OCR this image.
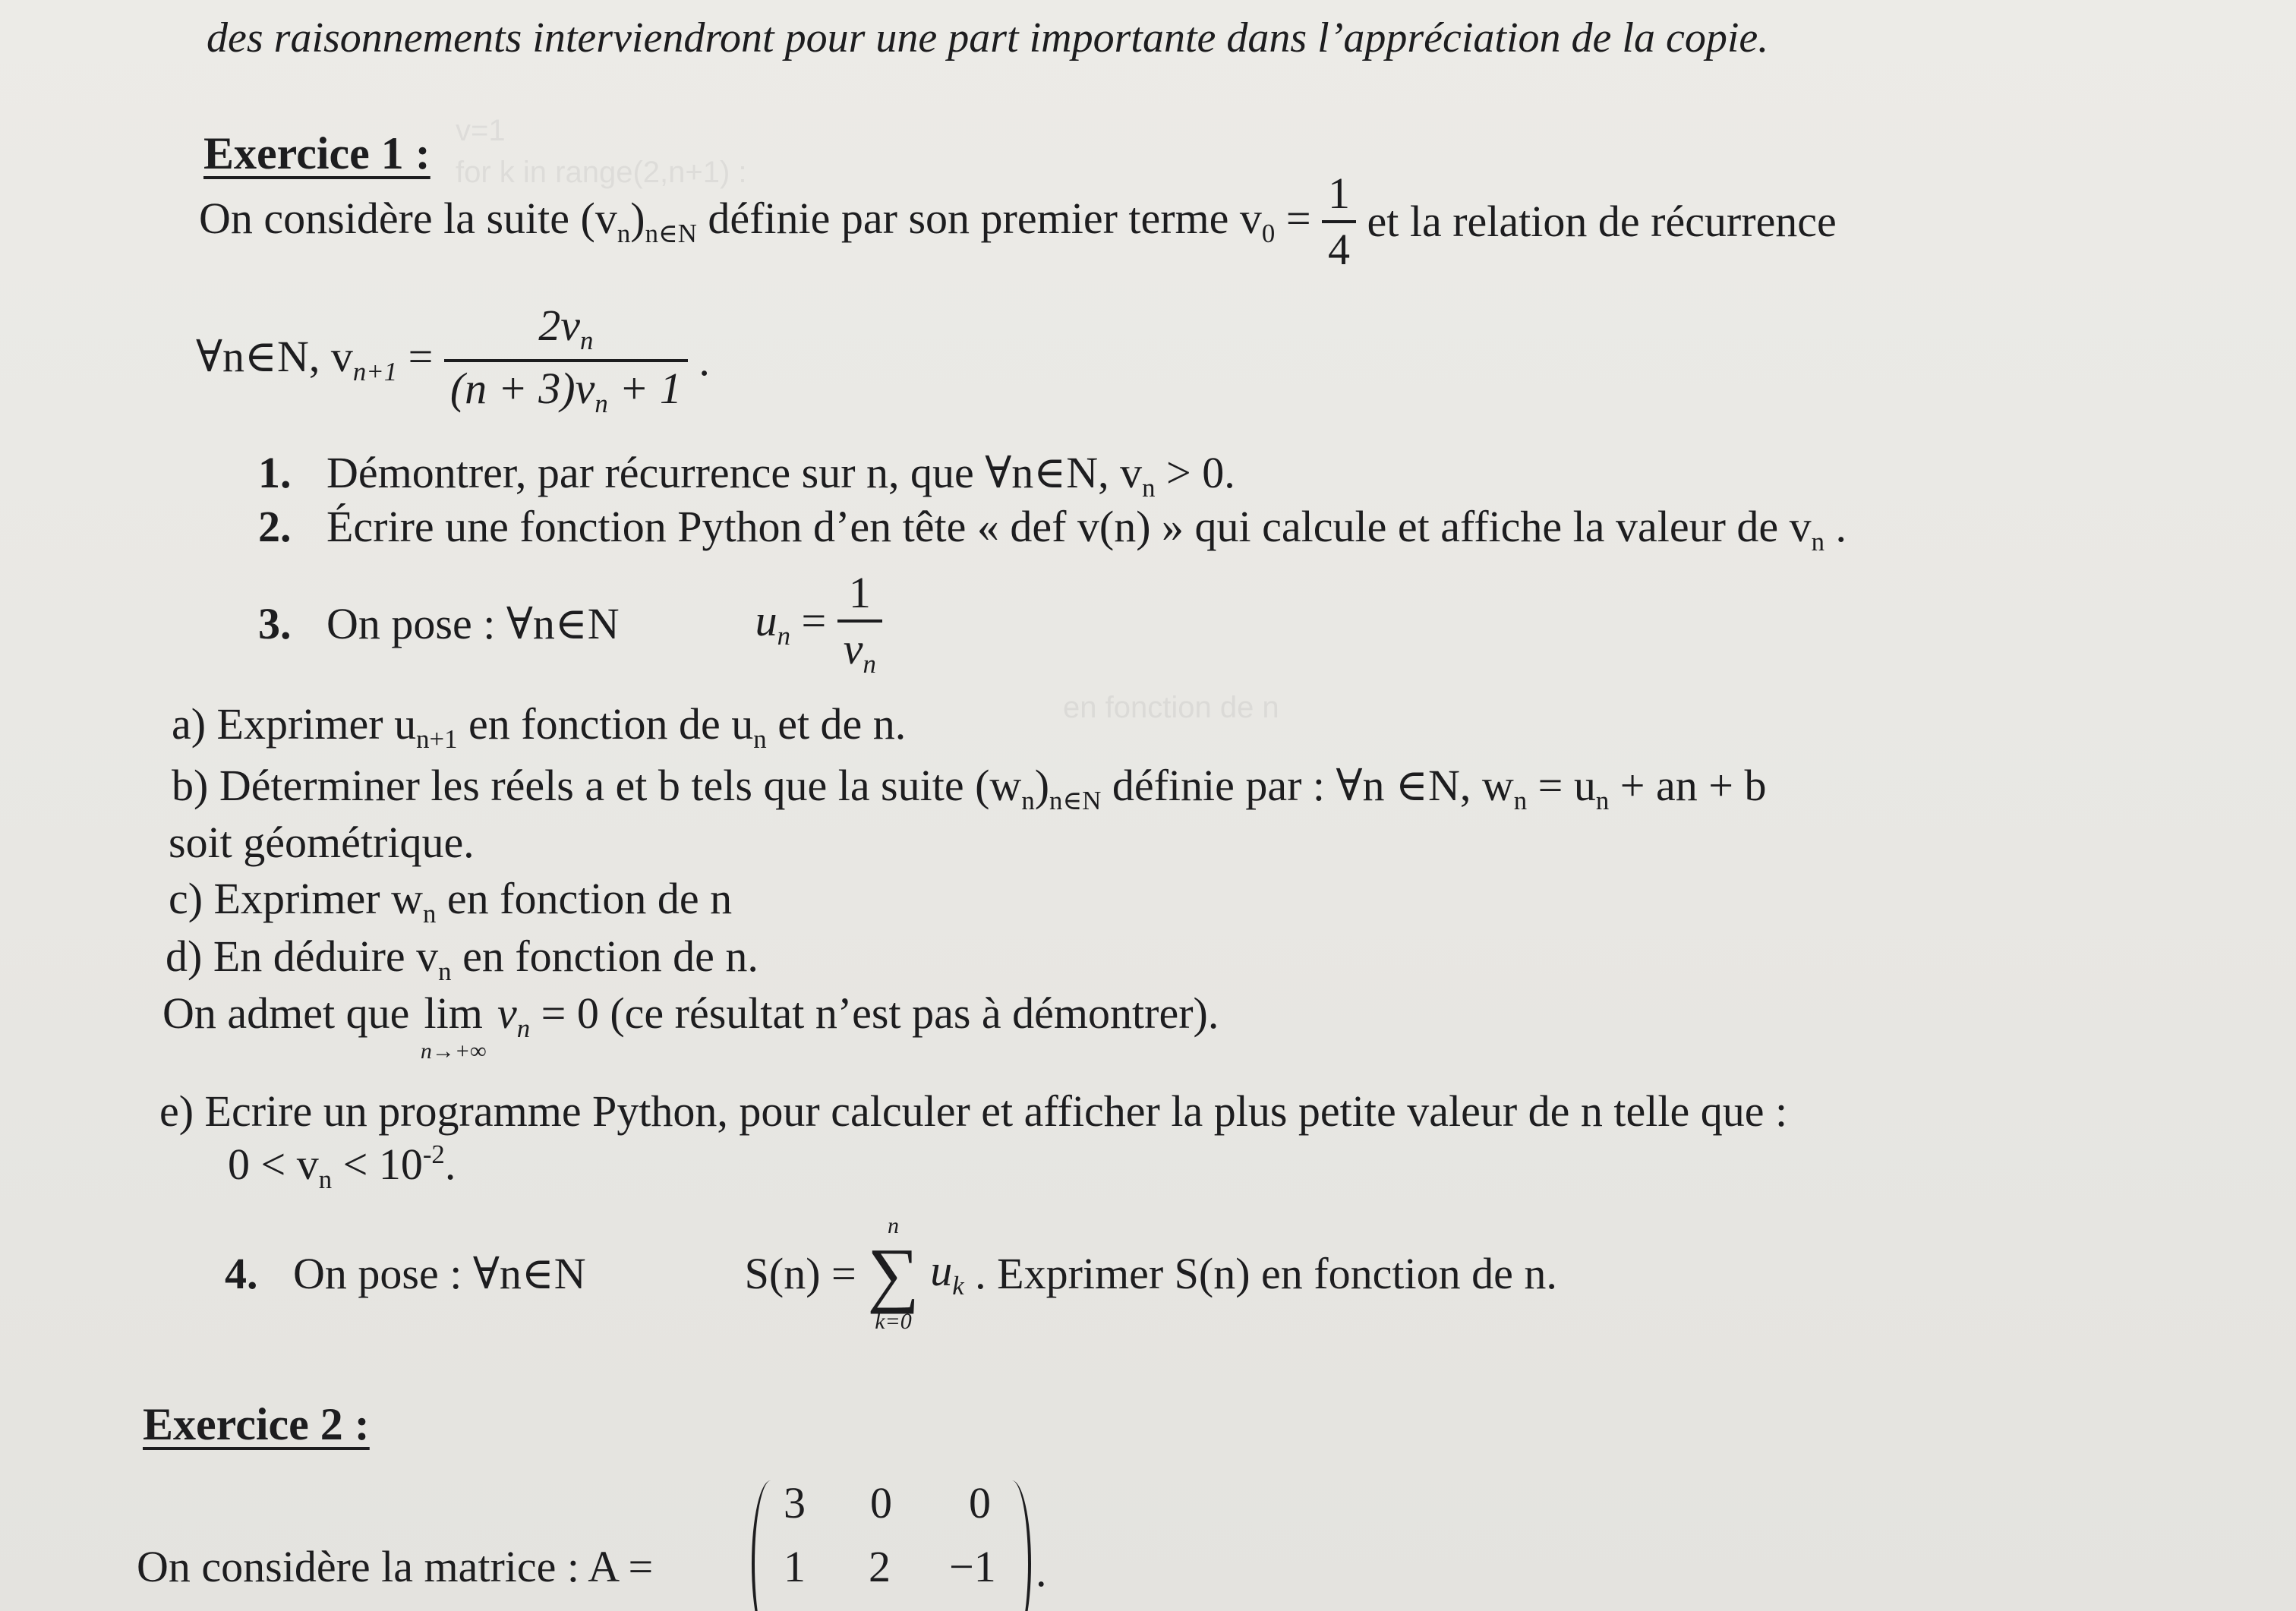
v=1
for k in range(2,n+1) :
en fonction de n
des raisonnements interviendront pour une part importante dans l’appréciation de la copie.
Exercice 1 :
On considère la suite $(v_n)_{n\in N}$ définie par son premier terme $v_0 = \frac{1}{4}$ et la relation de récurrence
∀n∈N, $v_{n+1} = \frac{2v_n}{(n + 3)v_n + 1}$ .
1. Démontrer, par récurrence sur n, que ∀n∈N, $v_n > 0$.
2. Écrire une fonction Python d’en tête « def v(n) » qui calcule et affiche la valeur de $v_n$ .
3. On pose : ∀n∈N	$u_n = \frac{1}{v_n}$
a) Exprimer $u_{n+1}$ en fonction de $u_n$ et de n.
b) Déterminer les réels a et b tels que la suite $(w_n)_{n\in N}$ définie par : ∀n ∈N, $w_n = u_n$ + an + b
soit géométrique.
c) Exprimer $w_n$ en fonction de n
d) En déduire $v_n$ en fonction de n.
On admet que lim
n→+∞
$v_n = 0$ (ce résultat n’est pas à démontrer).
e) Ecrire un programme Python, pour calculer et afficher la plus petite valeur de n telle que :
$0 < v_n < 10^{-2}$.
4. On pose : ∀n∈N	S(n) =
n
∑
k=0
$u_k$ . Exprimer S(n) en fonction de n.
Exercice 2 :
On considère la matrice : A =
3 0 0
1 2 −1 .
